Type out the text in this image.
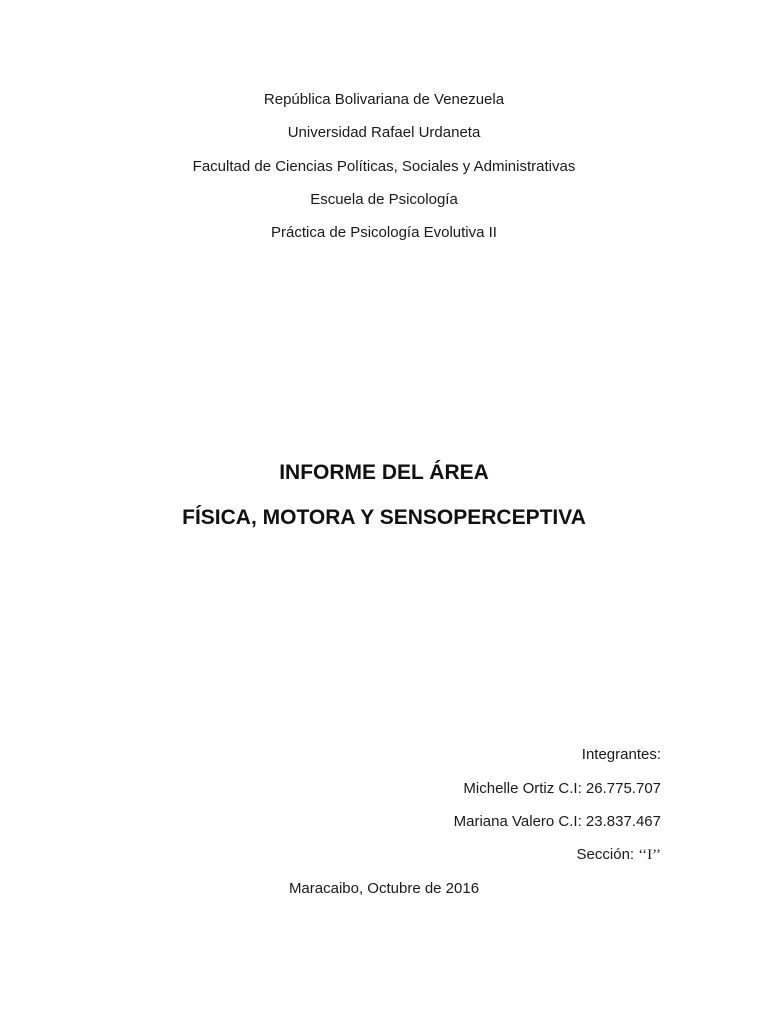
República Bolivariana de Venezuela
Universidad Rafael Urdaneta
Facultad de Ciencias Políticas, Sociales y Administrativas
Escuela de Psicología
Práctica de Psicología Evolutiva II
INFORME DEL ÁREA
FÍSICA, MOTORA Y SENSOPERCEPTIVA
Integrantes:
Michelle Ortiz C.I: 26.775.707
Mariana Valero C.I: 23.837.467
Sección: ‘‘I’’
Maracaibo, Octubre de 2016
